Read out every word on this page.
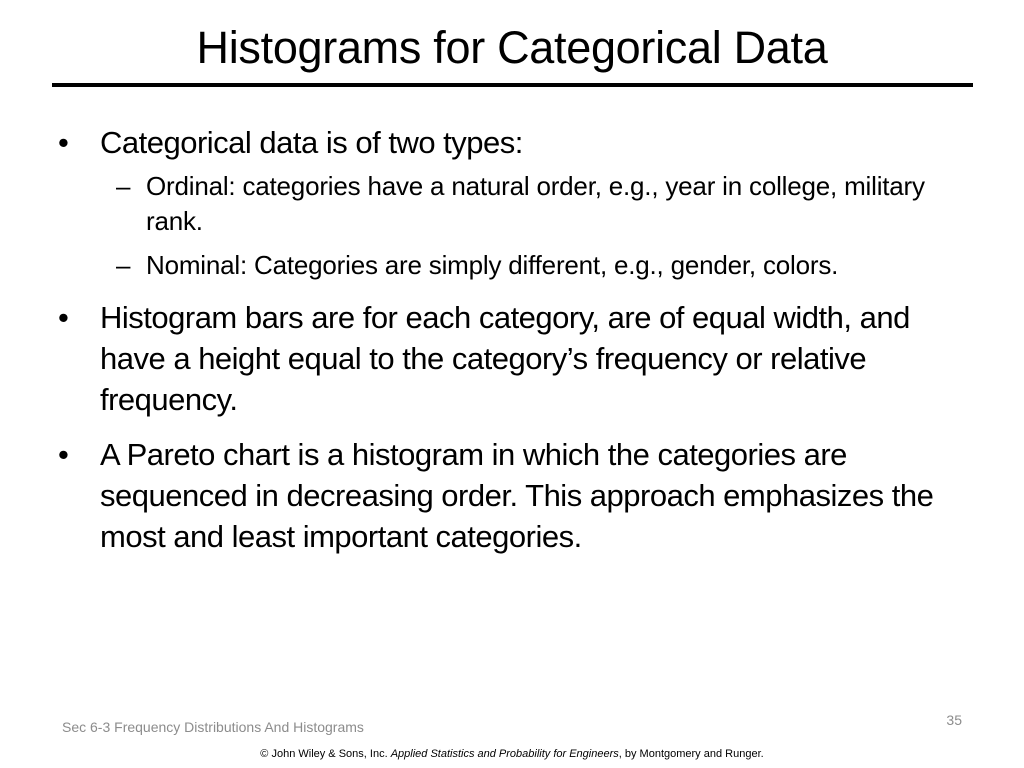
Histograms for Categorical Data
•	Categorical data is of two types:
– Ordinal: categories have a natural order, e.g., year in college, military rank.
– Nominal: Categories are simply different, e.g., gender, colors.
•	Histogram bars are for each category, are of equal width, and have a height equal to the category’s frequency or relative frequency.
•	A Pareto chart is a histogram in which the categories are sequenced in decreasing order. This approach emphasizes the most and least important categories.
Sec 6-3 Frequency Distributions And Histograms	35
© John Wiley & Sons, Inc. Applied Statistics and Probability for Engineers, by Montgomery and Runger.
